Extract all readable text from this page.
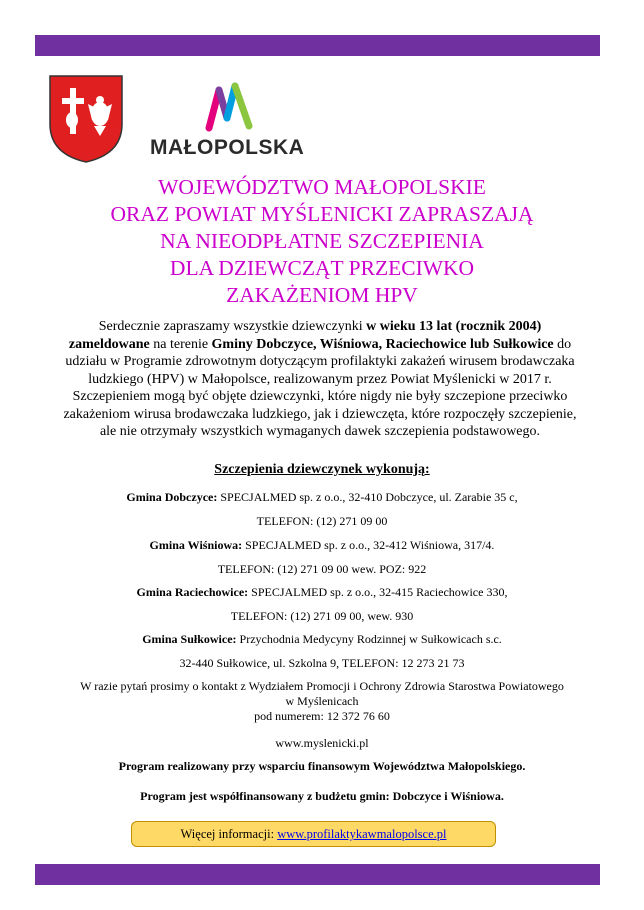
MAŁOPOLSKA
WOJEWÓDZTWO MAŁOPOLSKIE
ORAZ POWIAT MYŚLENICKI ZAPRASZAJĄ
NA NIEODPŁATNE SZCZEPIENIA
DLA DZIEWCZĄT PRZECIWKO
ZAKAŻENIOM HPV
Serdecznie zapraszamy wszystkie dziewczynki w wieku 13 lat (rocznik 2004) zameldowane na terenie Gminy Dobczyce, Wiśniowa, Raciechowice lub Sułkowice do udziału w Programie zdrowotnym dotyczącym profilaktyki zakażeń wirusem brodawczaka ludzkiego (HPV) w Małopolsce, realizowanym przez Powiat Myślenicki w 2017 r. Szczepieniem mogą być objęte dziewczynki, które nigdy nie były szczepione przeciwko zakażeniom wirusa brodawczaka ludzkiego, jak i dziewczęta, które rozpoczęły szczepienie, ale nie otrzymały wszystkich wymaganych dawek szczepienia podstawowego.
Szczepienia dziewczynek wykonują:
Gmina Dobczyce: SPECJALMED sp. z o.o., 32-410 Dobczyce, ul. Zarabie 35 c,
TELEFON: (12) 271 09 00
Gmina Wiśniowa: SPECJALMED sp. z o.o., 32-412 Wiśniowa, 317/4.
TELEFON: (12) 271 09 00 wew. POZ: 922
Gmina Raciechowice: SPECJALMED sp. z o.o., 32-415 Raciechowice 330,
TELEFON: (12) 271 09 00, wew. 930
Gmina Sułkowice: Przychodnia Medycyny Rodzinnej w Sułkowicach s.c.
32-440 Sułkowice, ul. Szkolna 9, TELEFON: 12 273 21 73
W razie pytań prosimy o kontakt z Wydziałem Promocji i Ochrony Zdrowia Starostwa Powiatowego w Myślenicach
pod numerem: 12 372 76 60
www.myslenicki.pl
Program realizowany przy wsparciu finansowym Województwa Małopolskiego.
Program jest współfinansowany z budżetu gmin: Dobczyce i Wiśniowa.
Więcej informacji: www.profilaktykawmalopolsce.pl
